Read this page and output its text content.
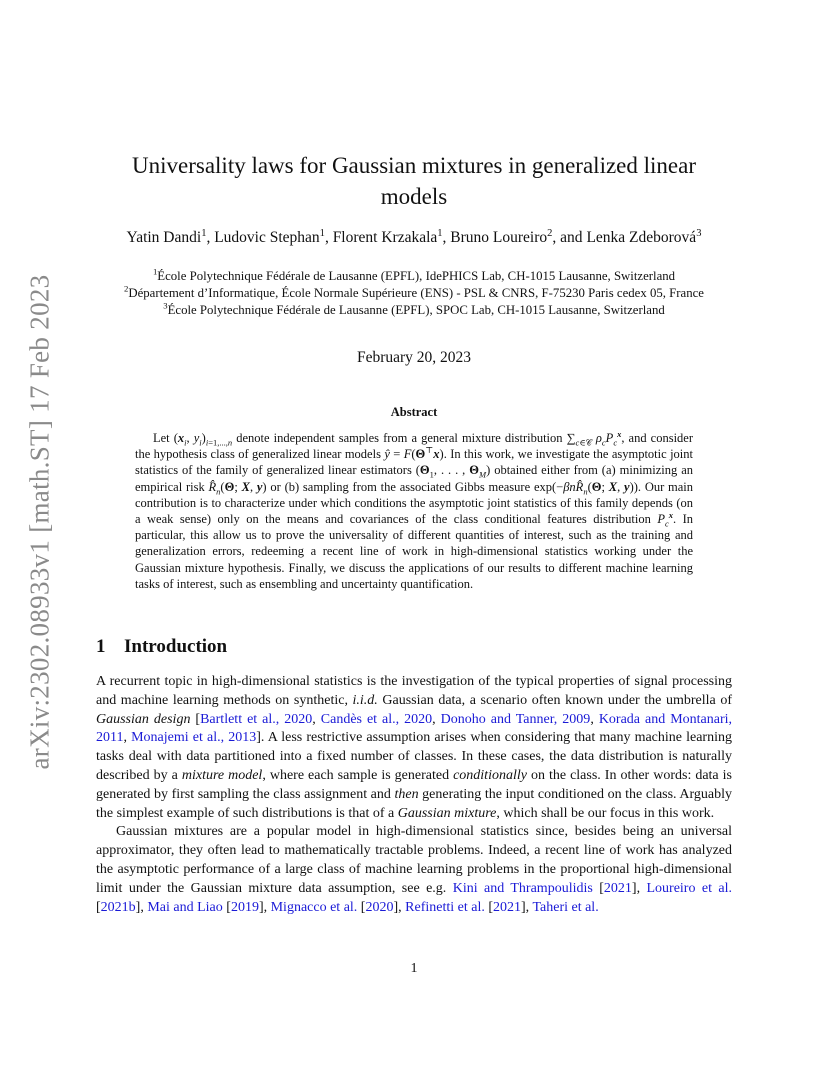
arXiv:2302.08933v1 [math.ST] 17 Feb 2023
Universality laws for Gaussian mixtures in generalized linear models
Yatin Dandi$^1$, Ludovic Stephan$^1$, Florent Krzakala$^1$, Bruno Loureiro$^2$, and Lenka Zdeborová$^3$
$^1$École Polytechnique Fédérale de Lausanne (EPFL), IdePHICS Lab, CH-1015 Lausanne, Switzerland
$^2$Département d’Informatique, École Normale Supérieure (ENS) - PSL & CNRS, F-75230 Paris cedex 05, France
$^3$École Polytechnique Fédérale de Lausanne (EPFL), SPOC Lab, CH-1015 Lausanne, Switzerland
February 20, 2023
Abstract
Let ($x_i$, $y_i)_{i=1,...,n}$ denote independent samples from a general mixture distribution $\sum_{c\in 𝒞}$ $\rho_cP_c^x$, and consider the hypothesis class of generalized linear models ŷ = F(Θ⊤x). In this work, we investigate the asymptotic joint statistics of the family of generalized linear estimators ($\Theta_1$, . . . , $\Theta_M$) obtained either from (a) minimizing an empirical risk $R̂_n(\Theta$; X, y) or (b) sampling from the associated Gibbs measure $\exp(-\beta nR̂_n(\Theta$; X, y)). Our main contribution is to characterize under which conditions the asymptotic joint statistics of this family depends (on a weak sense) only on the means and covariances of the class conditional features distribution $P_c^x$. In particular, this allow us to prove the universality of different quantities of interest, such as the training and generalization errors, redeeming a recent line of work in high-dimensional statistics working under the Gaussian mixture hypothesis. Finally, we discuss the applications of our results to different machine learning tasks of interest, such as ensembling and uncertainty quantification.
1 Introduction

A recurrent topic in high-dimensional statistics is the investigation of the typical properties of signal processing and machine learning methods on synthetic, i.i.d. Gaussian data, a scenario often known under the umbrella of Gaussian design [Bartlett et al., 2020, Candès et al., 2020, Donoho and Tanner, 2009, Korada and Montanari, 2011, Monajemi et al., 2013]. A less restrictive assumption arises when considering that many machine learning tasks deal with data partitioned into a fixed number of classes. In these cases, the data distribution is naturally described by a mixture model, where each sample is generated conditionally on the class. In other words: data is generated by first sampling the class assignment and then generating the input conditioned on the class. Arguably the simplest example of such distributions is that of a Gaussian mixture, which shall be our focus in this work.

Gaussian mixtures are a popular model in high-dimensional statistics since, besides being an universal approximator, they often lead to mathematically tractable problems. Indeed, a recent line of work has analyzed the asymptotic performance of a large class of machine learning problems in the proportional high-dimensional limit under the Gaussian mixture data assumption, see e.g. Kini and Thrampoulidis [2021], Loureiro et al. [2021b], Mai and Liao [2019], Mignacco et al. [2020], Refinetti et al. [2021], Taheri et al.

1
